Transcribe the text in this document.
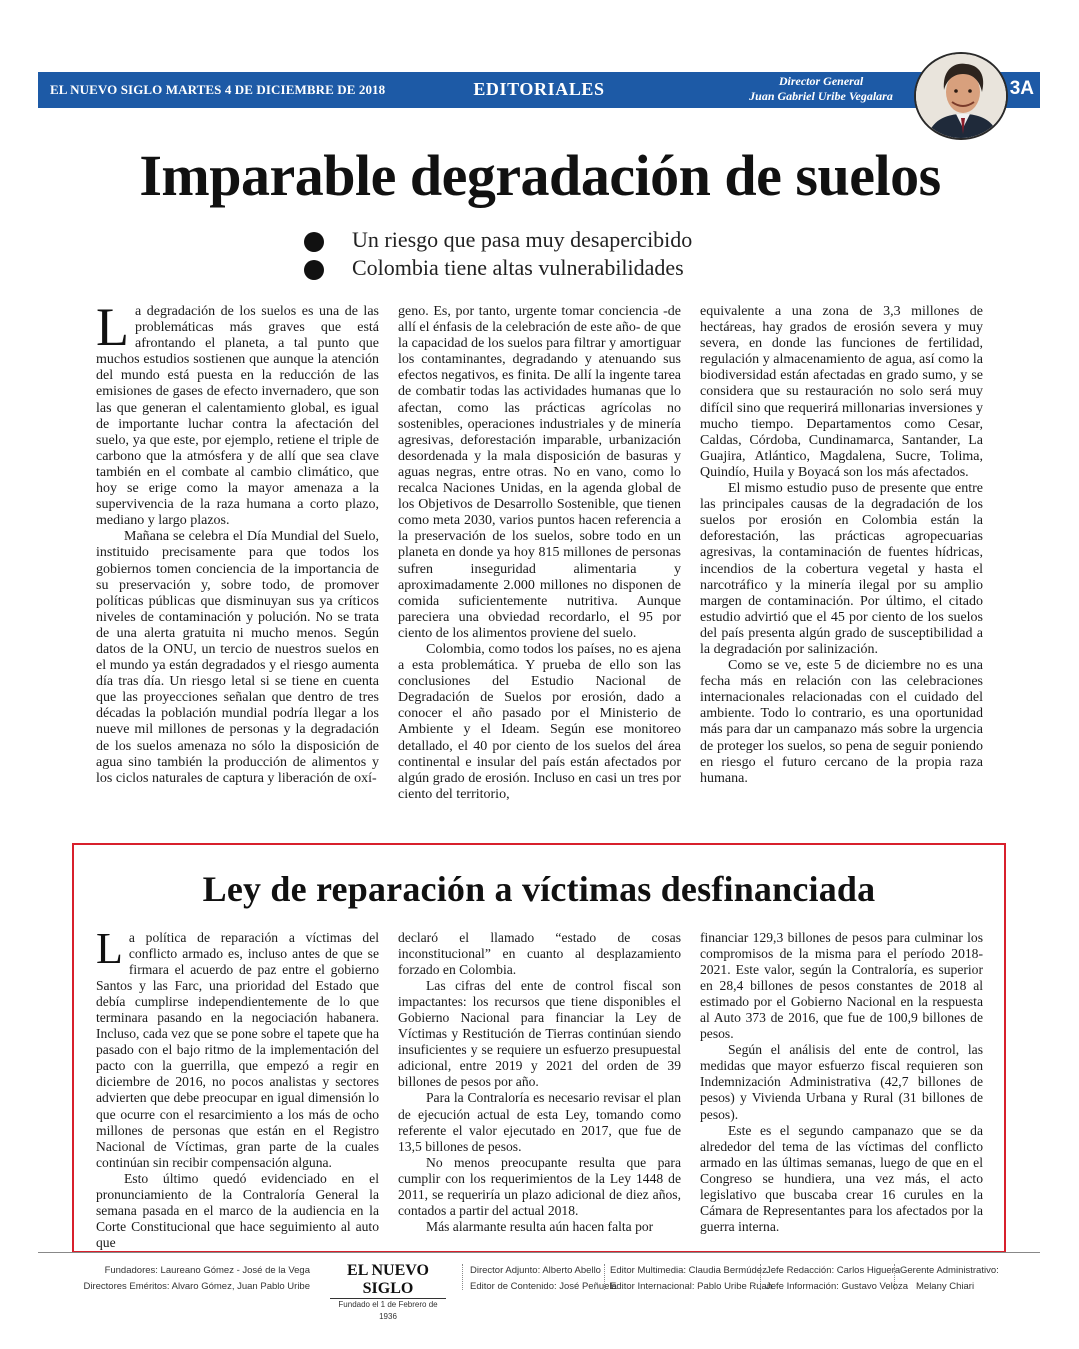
EL NUEVO SIGLO MARTES 4 DE DICIEMBRE DE 2018	EDITORIALES	Director General
Juan Gabriel Uribe Vegalara	3A
Imparable degradación de suelos
Un riesgo que pasa muy desapercibido
Colombia tiene altas vulnerabilidades

La degradación de los suelos es una de las problemáticas más graves que está afrontando el planeta, a tal punto que muchos estudios sostienen que aunque la atención del mundo está puesta en la reducción de las emisiones de gases de efecto invernadero, que son las que generan el calentamiento global, es igual de importante luchar contra la afectación del suelo, ya que este, por ejemplo, retiene el triple de carbono que la atmósfera y de allí que sea clave también en el combate al cambio climático, que hoy se erige como la mayor amenaza a la supervivencia de la raza humana a corto plazo, mediano y largo plazos.

Mañana se celebra el Día Mundial del Suelo, instituido precisamente para que todos los gobiernos tomen conciencia de la importancia de su preservación y, sobre todo, de promover políticas públicas que disminuyan sus ya críticos niveles de contaminación y polución. No se trata de una alerta gratuita ni mucho menos. Según datos de la ONU, un tercio de nuestros suelos en el mundo ya están degradados y el riesgo aumenta día tras día. Un riesgo letal si se tiene en cuenta que las proyecciones señalan que dentro de tres décadas la población mundial podría llegar a los nueve mil millones de personas y la degradación de los suelos amenaza no sólo la disposición de agua sino también la producción de alimentos y los ciclos naturales de captura y liberación de oxí-

geno. Es, por tanto, urgente tomar conciencia -de allí el énfasis de la celebración de este año- de que la capacidad de los suelos para filtrar y amortiguar los contaminantes, degradando y atenuando sus efectos negativos, es finita. De allí la ingente tarea de combatir todas las actividades humanas que lo afectan, como las prácticas agrícolas no sostenibles, operaciones industriales y de minería agresivas, deforestación imparable, urbanización desordenada y la mala disposición de basuras y aguas negras, entre otras. No en vano, como lo recalca Naciones Unidas, en la agenda global de los Objetivos de Desarrollo Sostenible, que tienen como meta 2030, varios puntos hacen referencia a la preservación de los suelos, sobre todo en un planeta en donde ya hoy 815 millones de personas sufren inseguridad alimentaria y aproximadamente 2.000 millones no disponen de comida suficientemente nutritiva. Aunque pareciera una obviedad recordarlo, el 95 por ciento de los alimentos proviene del suelo.

Colombia, como todos los países, no es ajena a esta problemática. Y prueba de ello son las conclusiones del Estudio Nacional de Degradación de Suelos por erosión, dado a conocer el año pasado por el Ministerio de Ambiente y el Ideam. Según ese monitoreo detallado, el 40 por ciento de los suelos del área continental e insular del país están afectados por algún grado de erosión. Incluso en casi un tres por ciento del territorio,

equivalente a una zona de 3,3 millones de hectáreas, hay grados de erosión severa y muy severa, en donde las funciones de fertilidad, regulación y almacenamiento de agua, así como la biodiversidad están afectadas en grado sumo, y se considera que su restauración no solo será muy difícil sino que requerirá millonarias inversiones y mucho tiempo. Departamentos como Cesar, Caldas, Córdoba, Cundinamarca, Santander, La Guajira, Atlántico, Magdalena, Sucre, Tolima, Quindío, Huila y Boyacá son los más afectados.

El mismo estudio puso de presente que entre las principales causas de la degradación de los suelos por erosión en Colombia están la deforestación, las prácticas agropecuarias agresivas, la contaminación de fuentes hídricas, incendios de la cobertura vegetal y hasta el narcotráfico y la minería ilegal por su amplio margen de contaminación. Por último, el citado estudio advirtió que el 45 por ciento de los suelos del país presenta algún grado de susceptibilidad a la degradación por salinización.

Como se ve, este 5 de diciembre no es una fecha más en relación con las celebraciones internacionales relacionadas con el cuidado del ambiente. Todo lo contrario, es una oportunidad más para dar un campanazo más sobre la urgencia de proteger los suelos, so pena de seguir poniendo en riesgo el futuro cercano de la propia raza humana.

Ley de reparación a víctimas desfinanciada

La política de reparación a víctimas del conflicto armado es, incluso antes de que se firmara el acuerdo de paz entre el gobierno Santos y las Farc, una prioridad del Estado que debía cumplirse independientemente de lo que terminara pasando en la negociación habanera. Incluso, cada vez que se pone sobre el tapete que ha pasado con el bajo ritmo de la implementación del pacto con la guerrilla, que empezó a regir en diciembre de 2016, no pocos analistas y sectores advierten que debe preocupar en igual dimensión lo que ocurre con el resarcimiento a los más de ocho millones de personas que están en el Registro Nacional de Víctimas, gran parte de la cuales continúan sin recibir compensación alguna.

Esto último quedó evidenciado en el pronunciamiento de la Contraloría General la semana pasada en el marco de la audiencia en la Corte Constitucional que hace seguimiento al auto que

declaró el llamado “estado de cosas inconstitucional” en cuanto al desplazamiento forzado en Colombia.

Las cifras del ente de control fiscal son impactantes: los recursos que tiene disponibles el Gobierno Nacional para financiar la Ley de Víctimas y Restitución de Tierras continúan siendo insuficientes y se requiere un esfuerzo presupuestal adicional, entre 2019 y 2021 del orden de 39 billones de pesos por año.

Para la Contraloría es necesario revisar el plan de ejecución actual de esta Ley, tomando como referente el valor ejecutado en 2017, que fue de 13,5 billones de pesos.

No menos preocupante resulta que para cumplir con los requerimientos de la Ley 1448 de 2011, se requeriría un plazo adicional de diez años, contados a partir del actual 2018.

Más alarmante resulta aún hacen falta por

financiar 129,3 billones de pesos para culminar los compromisos de la misma para el período 2018-2021. Este valor, según la Contraloría, es superior en 28,4 billones de pesos constantes de 2018 al estimado por el Gobierno Nacional en la respuesta al Auto 373 de 2016, que fue de 100,9 billones de pesos.

Según el análisis del ente de control, las medidas que mayor esfuerzo fiscal requieren son Indemnización Administrativa (42,7 billones de pesos) y Vivienda Urbana y Rural (31 billones de pesos).

Este es el segundo campanazo que se da alrededor del tema de las víctimas del conflicto armado en las últimas semanas, luego de que en el Congreso se hundiera, una vez más, el acto legislativo que buscaba crear 16 curules en la Cámara de Representantes para los afectados por la guerra interna.

Fundadores: Laureano Gómez - José de la Vega
Directores Eméritos: Alvaro Gómez, Juan Pablo Uribe
EL NUEVO SIGLO
Fundado el 1 de Febrero de 1936
Director Adjunto: Alberto Abello
Editor de Contenido: José Peñuela
Editor Multimedia: Claudia Bermúdez
Editor Internacional: Pablo Uribe Ruan
Jefe Redacción: Carlos Higuera
Jefe Información: Gustavo Veloza
Gerente Administrativo:
Melany Chiari
